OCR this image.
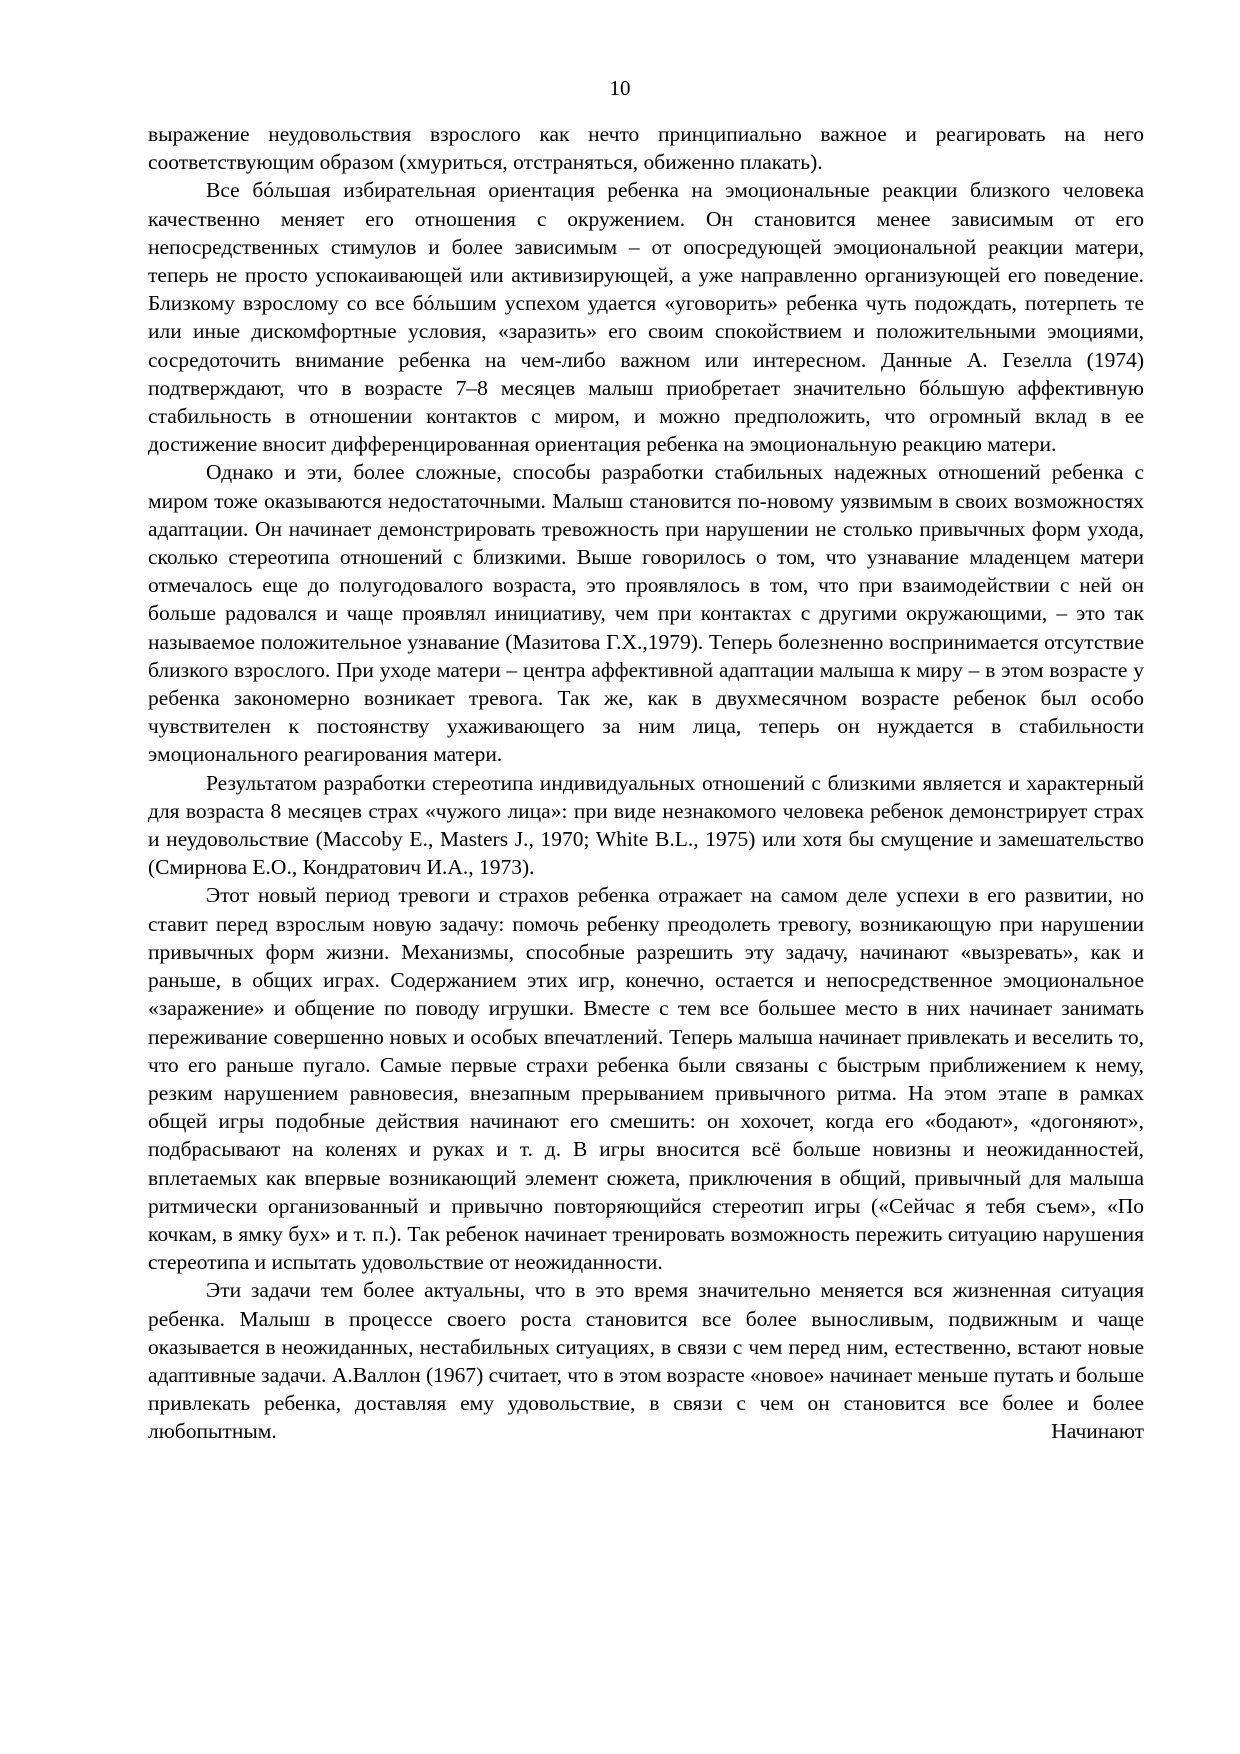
10

выражение неудовольствия взрослого как нечто принципиально важное и реагировать на него соответствующим образом (хмуриться, отстраняться, обиженно плакать).

Все бóльшая избирательная ориентация ребенка на эмоциональные реакции близкого человека качественно меняет его отношения с окружением. Он становится менее зависимым от его непосредственных стимулов и более зависимым – от опосредующей эмоциональной реакции матери, теперь не просто успокаивающей или активизирующей, а уже направленно организующей его поведение. Близкому взрослому со все бóльшим успехом удается «уговорить» ребенка чуть подождать, потерпеть те или иные дискомфортные условия, «заразить» его своим спокойствием и положительными эмоциями, сосредоточить внимание ребенка на чем-либо важном или интересном. Данные А. Гезелла (1974) подтверждают, что в возрасте 7–8 месяцев малыш приобретает значительно бóльшую аффективную стабильность в отношении контактов с миром, и можно предположить, что огромный вклад в ее достижение вносит дифференцированная ориентация ребенка на эмоциональную реакцию матери.

Однако и эти, более сложные, способы разработки стабильных надежных отношений ребенка с миром тоже оказываются недостаточными. Малыш становится по-новому уязвимым в своих возможностях адаптации. Он начинает демонстрировать тревожность при нарушении не столько привычных форм ухода, сколько стереотипа отношений с близкими. Выше говорилось о том, что узнавание младенцем матери отмечалось еще до полугодовалого возраста, это проявлялось в том, что при взаимодействии с ней он больше радовался и чаще проявлял инициативу, чем при контактах с другими окружающими, – это так называемое положительное узнавание (Мазитова Г.Х.,1979). Теперь болезненно воспринимается отсутствие близкого взрослого. При уходе матери – центра аффективной адаптации малыша к миру – в этом возрасте у ребенка закономерно возникает тревога. Так же, как в двухмесячном возрасте ребенок был особо чувствителен к постоянству ухаживающего за ним лица, теперь он нуждается в стабильности эмоционального реагирования матери.

Результатом разработки стереотипа индивидуальных отношений с близкими является и характерный для возраста 8 месяцев страх «чужого лица»: при виде незнакомого человека ребенок демонстрирует страх и неудовольствие (Maccoby E., Masters J., 1970; White B.L., 1975) или хотя бы смущение и замешательство (Смирнова Е.О., Кондратович И.А., 1973).

Этот новый период тревоги и страхов ребенка отражает на самом деле успехи в его развитии, но ставит перед взрослым новую задачу: помочь ребенку преодолеть тревогу, возникающую при нарушении привычных форм жизни. Механизмы, способные разрешить эту задачу, начинают «вызревать», как и раньше, в общих играх. Содержанием этих игр, конечно, остается и непосредственное эмоциональное «заражение» и общение по поводу игрушки. Вместе с тем все большее место в них начинает занимать переживание совершенно новых и особых впечатлений. Теперь малыша начинает привлекать и веселить то, что его раньше пугало. Самые первые страхи ребенка были связаны с быстрым приближением к нему, резким нарушением равновесия, внезапным прерыванием привычного ритма. На этом этапе в рамках общей игры подобные действия начинают его смешить: он хохочет, когда его «бодают», «догоняют», подбрасывают на коленях и руках и т. д. В игры вносится всё больше новизны и неожиданностей, вплетаемых как впервые возникающий элемент сюжета, приключения в общий, привычный для малыша ритмически организованный и привычно повторяющийся стереотип игры («Сейчас я тебя съем», «По кочкам, в ямку бух» и т. п.). Так ребенок начинает тренировать возможность пережить ситуацию нарушения стереотипа и испытать удовольствие от неожиданности.

Эти задачи тем более актуальны, что в это время значительно меняется вся жизненная ситуация ребенка. Малыш в процессе своего роста становится все более выносливым, подвижным и чаще оказывается в неожиданных, нестабильных ситуациях, в связи с чем перед ним, естественно, встают новые адаптивные задачи. А.Валлон (1967) считает, что в этом возрасте «новое» начинает меньше путать и больше привлекать ребенка, доставляя ему удовольствие, в связи с чем он становится все более и более любопытным. Начинают
